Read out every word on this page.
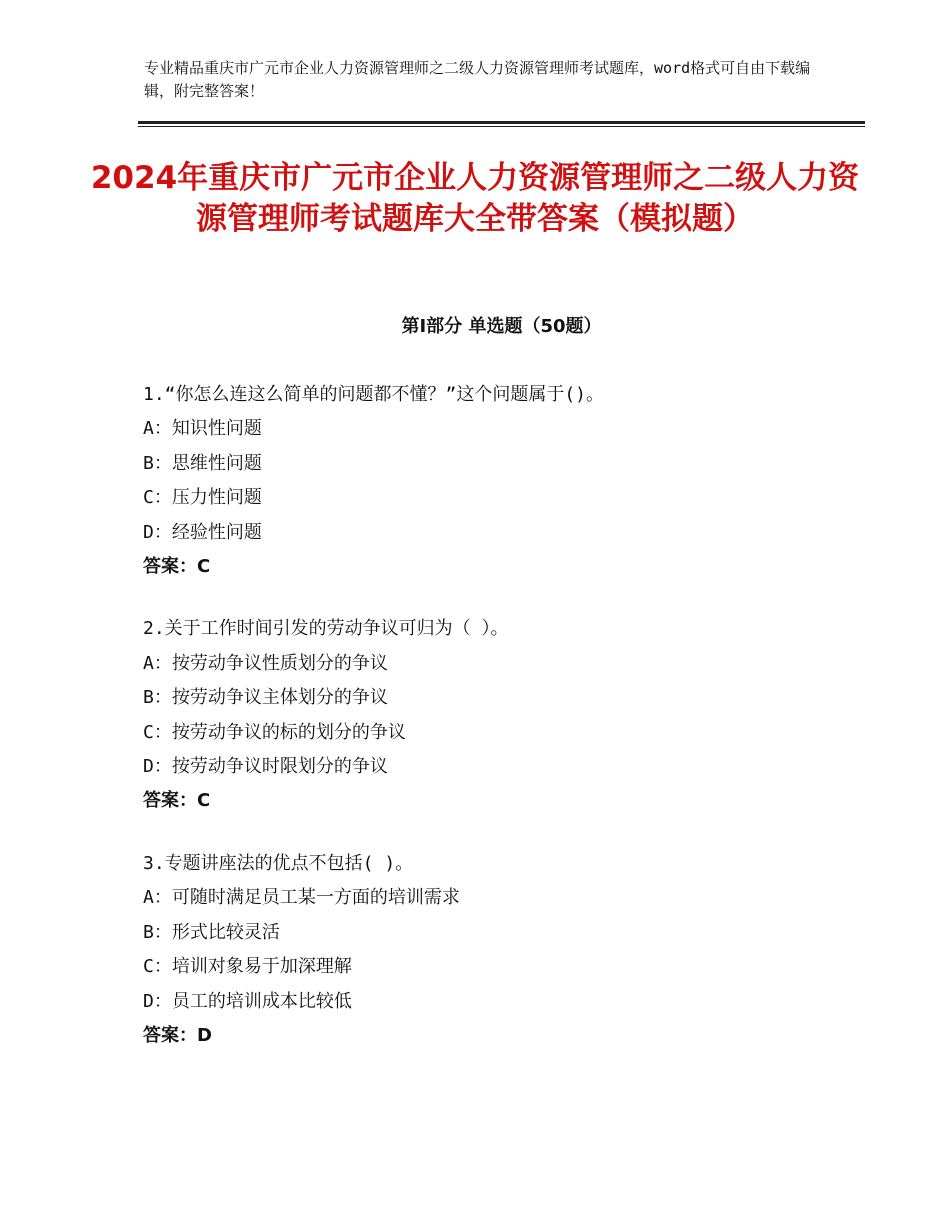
专业精品重庆市广元市企业人力资源管理师之二级人力资源管理师考试题库，word格式可自由下载编辑，附完整答案！

2024年重庆市广元市企业人力资源管理师之二级人力资源管理师考试题库大全带答案（模拟题）
第Ⅰ部分 单选题（50题）

1.“你怎么连这么简单的问题都不懂？”这个问题属于()。

A：知识性问题

B：思维性问题

C：压力性问题

D：经验性问题

答案：C

2.关于工作时间引发的劳动争议可归为（ ）。

A：按劳动争议性质划分的争议

B：按劳动争议主体划分的争议

C：按劳动争议的标的划分的争议

D：按劳动争议时限划分的争议

答案：C

3.专题讲座法的优点不包括( )。

A：可随时满足员工某一方面的培训需求

B：形式比较灵活

C：培训对象易于加深理解

D：员工的培训成本比较低

答案：D
